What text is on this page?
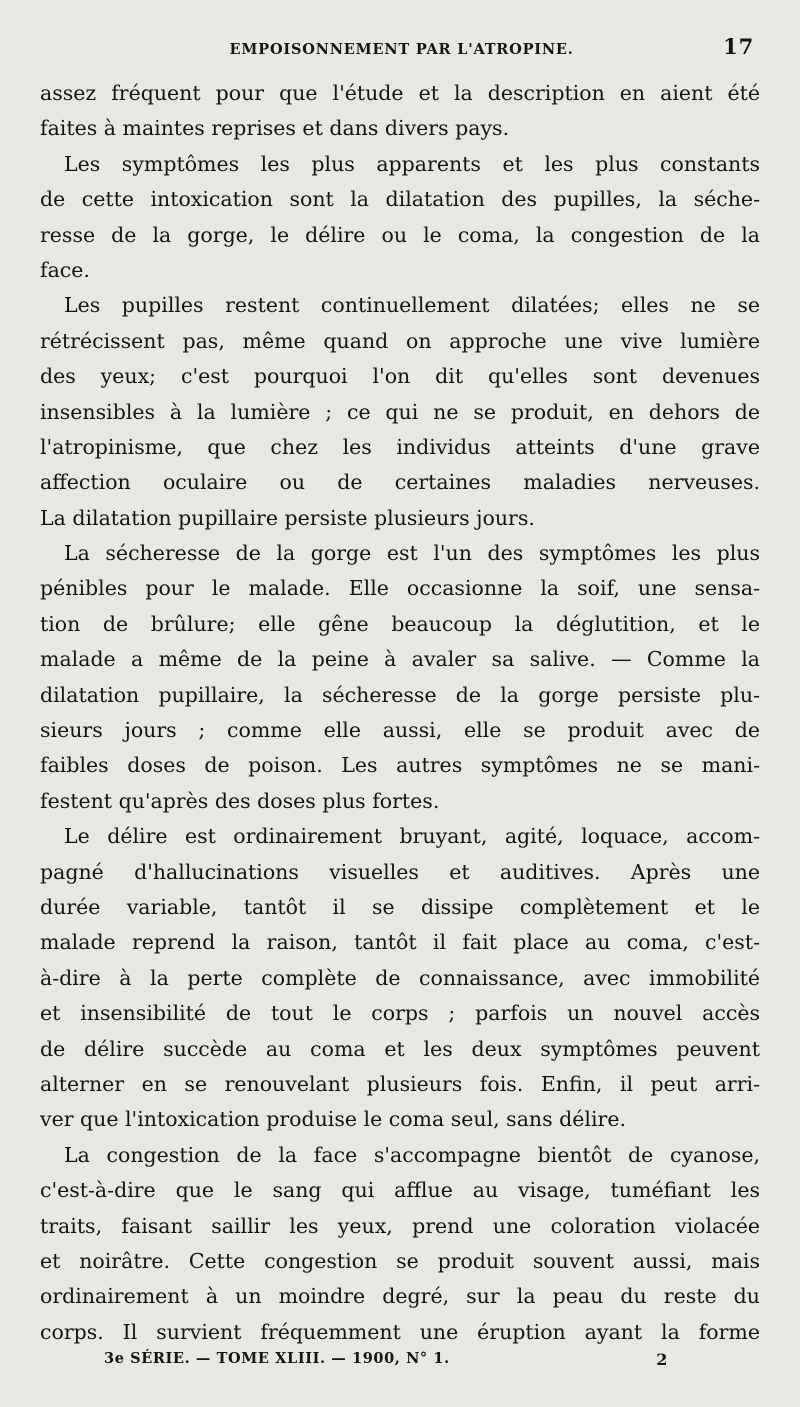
EMPOISONNEMENT PAR L'ATROPINE.	17
assez fréquent pour que l'étude et la description en aient été
faites à maintes reprises et dans divers pays.
Les symptômes les plus apparents et les plus constants
de cette intoxication sont la dilatation des pupilles, la séche-
resse de la gorge, le délire ou le coma, la congestion de la
face.
Les pupilles restent continuellement dilatées; elles ne se
rétrécissent pas, même quand on approche une vive lumière
des yeux; c'est pourquoi l'on dit qu'elles sont devenues
insensibles à la lumière ; ce qui ne se produit, en dehors de
l'atropinisme, que chez les individus atteints d'une grave
affection oculaire ou de certaines maladies nerveuses.
La dilatation pupillaire persiste plusieurs jours.
La sécheresse de la gorge est l'un des symptômes les plus
pénibles pour le malade. Elle occasionne la soif, une sensa-
tion de brûlure; elle gêne beaucoup la déglutition, et le
malade a même de la peine à avaler sa salive. — Comme la
dilatation pupillaire, la sécheresse de la gorge persiste plu-
sieurs jours ; comme elle aussi, elle se produit avec de
faibles doses de poison. Les autres symptômes ne se mani-
festent qu'après des doses plus fortes.
Le délire est ordinairement bruyant, agité, loquace, accom-
pagné d'hallucinations visuelles et auditives. Après une
durée variable, tantôt il se dissipe complètement et le
malade reprend la raison, tantôt il fait place au coma, c'est-
à-dire à la perte complète de connaissance, avec immobilité
et insensibilité de tout le corps ; parfois un nouvel accès
de délire succède au coma et les deux symptômes peuvent
alterner en se renouvelant plusieurs fois. Enfin, il peut arri-
ver que l'intoxication produise le coma seul, sans délire.
La congestion de la face s'accompagne bientôt de cyanose,
c'est-à-dire que le sang qui afflue au visage, tuméfiant les
traits, faisant saillir les yeux, prend une coloration violacée
et noirâtre. Cette congestion se produit souvent aussi, mais
ordinairement à un moindre degré, sur la peau du reste du
corps. Il survient fréquemment une éruption ayant la forme
3e SÉRIE. — TOME XLIII. — 1900, N° 1.	2
